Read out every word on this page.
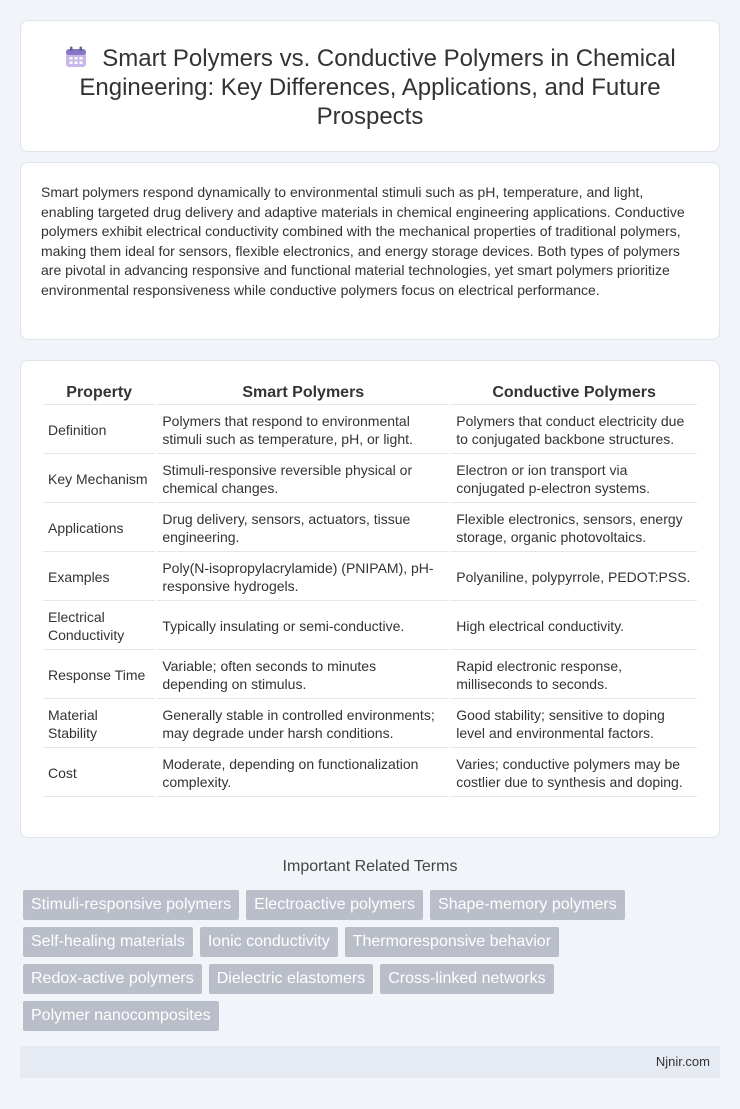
Smart Polymers vs. Conductive Polymers in Chemical Engineering: Key Differences, Applications, and Future Prospects

Smart polymers respond dynamically to environmental stimuli such as pH, temperature, and light, enabling targeted drug delivery and adaptive materials in chemical engineering applications. Conductive polymers exhibit electrical conductivity combined with the mechanical properties of traditional polymers, making them ideal for sensors, flexible electronics, and energy storage devices. Both types of polymers are pivotal in advancing responsive and functional material technologies, yet smart polymers prioritize environmental responsiveness while conductive polymers focus on electrical performance.

Property	Smart Polymers	Conductive Polymers
Definition	Polymers that respond to environmental stimuli such as temperature, pH, or light.	Polymers that conduct electricity due to conjugated backbone structures.
Key Mechanism	Stimuli-responsive reversible physical or chemical changes.	Electron or ion transport via conjugated p-electron systems.
Applications	Drug delivery, sensors, actuators, tissue engineering.	Flexible electronics, sensors, energy storage, organic photovoltaics.
Examples	Poly(N-isopropylacrylamide) (PNIPAM), pH-responsive hydrogels.	Polyaniline, polypyrrole, PEDOT:PSS.
Electrical Conductivity	Typically insulating or semi-conductive.	High electrical conductivity.
Response Time	Variable; often seconds to minutes depending on stimulus.	Rapid electronic response, milliseconds to seconds.
Material Stability	Generally stable in controlled environments; may degrade under harsh conditions.	Good stability; sensitive to doping level and environmental factors.
Cost	Moderate, depending on functionalization complexity.	Varies; conductive polymers may be costlier due to synthesis and doping.
Important Related Terms
Stimuli-responsive polymers	Electroactive polymers	Shape-memory polymers
Self-healing materials	Ionic conductivity	Thermoresponsive behavior
Redox-active polymers	Dielectric elastomers	Cross-linked networks
Polymer nanocomposites
Njnir.com
